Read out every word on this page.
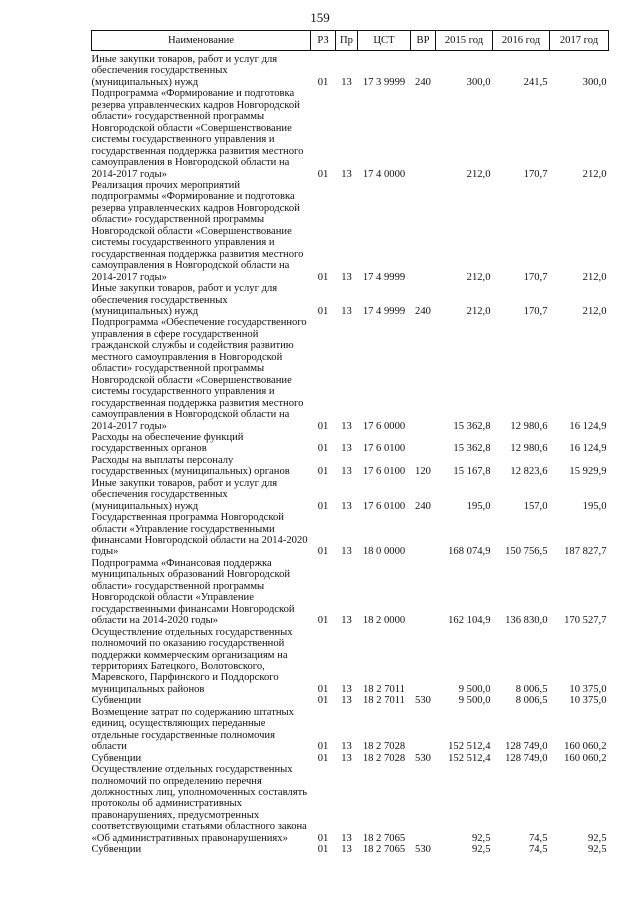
159
Наименование	РЗ	Пр	ЦСТ	ВР	2015 год	2016 год	2017 год
Иные закупки товаров, работ и услуг для обеспечения государственных (муниципальных) нужд	01	13	17 3 9999	240	300,0	241,5	300,0
Подпрограмма «Формирование и подготовка резерва управленческих кадров Новгородской области» государственной программы Новгородской области «Совершенствование системы государственного управления и государственная поддержка развития местного самоуправления в Новгородской области на 2014-2017 годы»	01	13	17 4 0000		212,0	170,7	212,0
Реализация прочих мероприятий подпрограммы «Формирование и подготовка резерва управленческих кадров Новгородской области» государственной программы Новгородской области «Совершенствование системы государственного управления и государственная поддержка развития местного самоуправления в Новгородской области на 2014-2017 годы»	01	13	17 4 9999		212,0	170,7	212,0
Иные закупки товаров, работ и услуг для обеспечения государственных (муниципальных) нужд	01	13	17 4 9999	240	212,0	170,7	212,0
Подпрограмма «Обеспечение государственного управления в сфере государственной гражданской службы и содействия развитию местного самоуправления в Новгородской области» государственной программы Новгородской области «Совершенствование системы государственного управления и государственная поддержка развития местного самоуправления в Новгородской области на 2014-2017 годы»	01	13	17 6 0000		15 362,8	12 980,6	16 124,9
Расходы на обеспечение функций государственных органов	01	13	17 6 0100		15 362,8	12 980,6	16 124,9
Расходы на выплаты персоналу государственных (муниципальных) органов	01	13	17 6 0100	120	15 167,8	12 823,6	15 929,9
Иные закупки товаров, работ и услуг для обеспечения государственных (муниципальных) нужд	01	13	17 6 0100	240	195,0	157,0	195,0
Государственная программа Новгородской области «Управление государственными финансами Новгородской области на 2014-2020 годы»	01	13	18 0 0000		168 074,9	150 756,5	187 827,7
Подпрограмма «Финансовая поддержка муниципальных образований Новгородской области» государственной программы Новгородской области «Управление государственными финансами Новгородской области на 2014-2020 годы»	01	13	18 2 0000		162 104,9	136 830,0	170 527,7
Осуществление отдельных государственных полномочий по оказанию государственной поддержки коммерческим организациям на территориях Батецкого, Волотовского, Маревского, Парфинского и Поддорского муниципальных районов	01	13	18 2 7011		9 500,0	8 006,5	10 375,0
Субвенции	01	13	18 2 7011	530	9 500,0	8 006,5	10 375,0
Возмещение затрат по содержанию штатных единиц, осуществляющих переданные отдельные государственные полномочия области	01	13	18 2 7028		152 512,4	128 749,0	160 060,2
Субвенции	01	13	18 2 7028	530	152 512,4	128 749,0	160 060,2
Осуществление отдельных государственных полномочий по определению перечня должностных лиц, уполномоченных составлять протоколы об административных правонарушениях, предусмотренных соответствующими статьями областного закона «Об административных правонарушениях»	01	13	18 2 7065		92,5	74,5	92,5
Субвенции	01	13	18 2 7065	530	92,5	74,5	92,5
